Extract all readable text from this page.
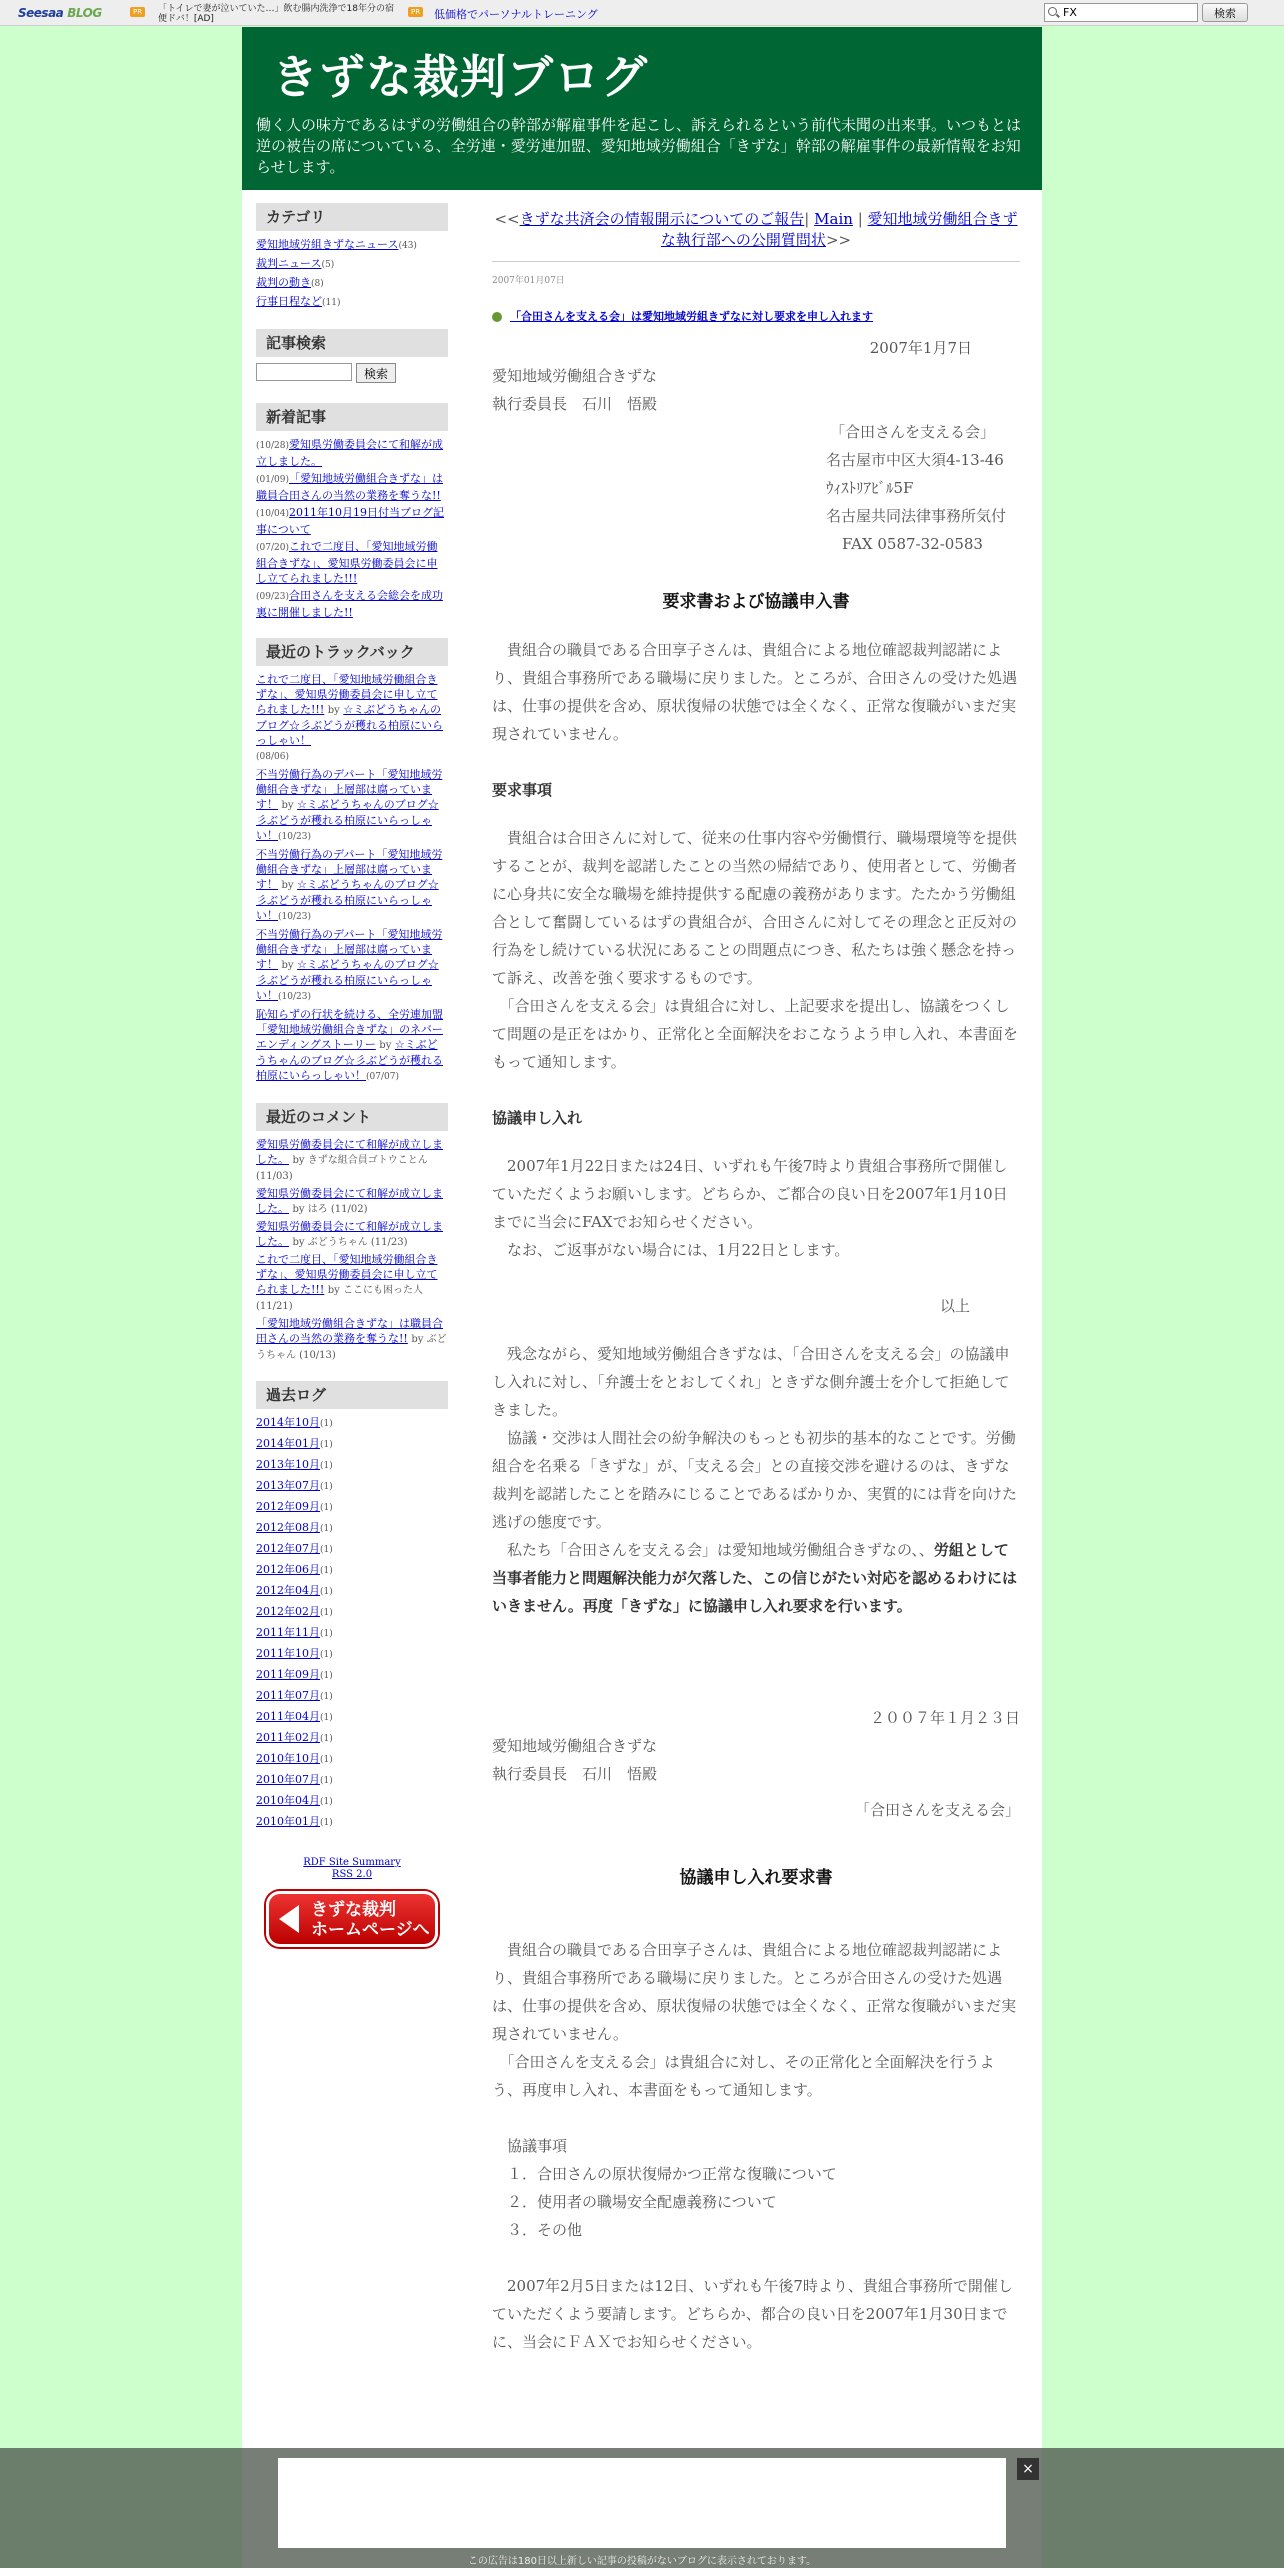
Seesaa BLOG	PR	「トイレで妻が泣いていた…」飲む腸内洗浄で18年分の宿便ドバ！[AD]
PR 低価格でパーソナルトレーニング
FX	検索
きずな裁判ブログ
働く人の味方であるはずの労働組合の幹部が解雇事件を起こし、訴えられるという前代未聞の出来事。いつもとは逆の被告の席についている、全労連・愛労連加盟、愛知地域労働組合「きずな」幹部の解雇事件の最新情報をお知らせします。
カテゴリ
愛知地域労組きずなニュース(43)
裁判ニュース(5)
裁判の動き(8)
行事日程など(11)
記事検索
検索
新着記事
(10/28)愛知県労働委員会にて和解が成立しました。
(01/09)「愛知地域労働組合きずな」は職員合田さんの当然の業務を奪うな!!
(10/04)2011年10月19日付当ブログ記事について
(07/20)これで二度目、「愛知地域労働組合きずな」、愛知県労働委員会に申し立てられました!!!
(09/23)合田さんを支える会総会を成功裏に開催しました!!
最近のトラックバック
これで二度目、「愛知地域労働組合きずな」、愛知県労働委員会に申し立てられました!!! by ☆ミぶどうちゃんのブログ☆彡ぶどうが穫れる柏原にいらっしゃい！
(08/06)
不当労働行為のデパート「愛知地域労働組合きずな」上層部は腐っています！ by ☆ミぶどうちゃんのブログ☆彡ぶどうが穫れる柏原にいらっしゃい！(10/23)
不当労働行為のデパート「愛知地域労働組合きずな」上層部は腐っています！ by ☆ミぶどうちゃんのブログ☆彡ぶどうが穫れる柏原にいらっしゃい！(10/23)
不当労働行為のデパート「愛知地域労働組合きずな」上層部は腐っています！ by ☆ミぶどうちゃんのブログ☆彡ぶどうが穫れる柏原にいらっしゃい！(10/23)
恥知らずの行状を続ける、全労連加盟「愛知地域労働組合きずな」のネバーエンディングストーリー by ☆ミぶどうちゃんのブログ☆彡ぶどうが穫れる柏原にいらっしゃい！(07/07)
最近のコメント
愛知県労働委員会にて和解が成立しました。 by きずな組合員ゴトウことん (11/03)
愛知県労働委員会にて和解が成立しました。 by はろ (11/02)
愛知県労働委員会にて和解が成立しました。 by ぶどうちゃん (11/23)
これで二度目、「愛知地域労働組合きずな」、愛知県労働委員会に申し立てられました!!! by ここにも困った人 (11/21)
「愛知地域労働組合きずな」は職員合田さんの当然の業務を奪うな!! by ぶどうちゃん (10/13)
過去ログ
2014年10月(1)
2014年01月(1)
2013年10月(1)
2013年07月(1)
2012年09月(1)
2012年08月(1)
2012年07月(1)
2012年06月(1)
2012年04月(1)
2012年02月(1)
2011年11月(1)
2011年10月(1)
2011年09月(1)
2011年07月(1)
2011年04月(1)
2011年02月(1)
2010年10月(1)
2010年07月(1)
2010年04月(1)
2010年01月(1)
RDF Site Summary
RSS 2.0
きずな裁判
ホームページへ
<<きずな共済会の情報開示についてのご報告| Main | 愛知地域労働組合きずな執行部への公開質問状>>
2007年01月07日
「合田さんを支える会」は愛知地域労組きずなに対し要求を申し入れます

2007年1月7日

愛知地域労働組合きずな

執行委員長　石川　悟殿

「合田さんを支える会」

名古屋市中区大須4-13-46

ｳｨｽﾄﾘｱﾋﾞﾙ5F

名古屋共同法律事務所気付

FAX 0587-32-0583

要求書および協議申入書

　貴組合の職員である合田享子さんは、貴組合による地位確認裁判認諾により、貴組合事務所である職場に戻りました。ところが、合田さんの受けた処遇は、仕事の提供を含め、原状復帰の状態では全くなく、正常な復職がいまだ実現されていません。

要求事項

　貴組合は合田さんに対して、従来の仕事内容や労働慣行、職場環境等を提供することが、裁判を認諾したことの当然の帰結であり、使用者として、労働者に心身共に安全な職場を維持提供する配慮の義務があります。たたかう労働組合として奮闘しているはずの貴組合が、合田さんに対してその理念と正反対の行為をし続けている状況にあることの問題点につき、私たちは強く懸念を持って訴え、改善を強く要求するものです。

　「合田さんを支える会」は貴組合に対し、上記要求を提出し、協議をつくして問題の是正をはかり、正常化と全面解決をおこなうよう申し入れ、本書面をもって通知します。

協議申し入れ

　2007年1月22日または24日、いずれも午後7時より貴組合事務所で開催していただくようお願いします。どちらか、ご都合の良い日を2007年1月10日までに当会にFAXでお知らせください。

　なお、ご返事がない場合には、1月22日とします。

以上

　残念ながら、愛知地域労働組合きずなは、「合田さんを支える会」の協議申し入れに対し、「弁護士をとおしてくれ」ときずな側弁護士を介して拒絶してきました。

　協議・交渉は人間社会の紛争解決のもっとも初歩的基本的なことです。労働組合を名乗る「きずな」が、「支える会」との直接交渉を避けるのは、きずな裁判を認諾したことを踏みにじることであるばかりか、実質的には背を向けた逃げの態度です。

　私たち「合田さんを支える会」は愛知地域労働組合きずなの、、労組として当事者能力と問題解決能力が欠落した、この信じがたい対応を認めるわけにはいきません。再度「きずな」に協議申し入れ要求を行います。

２００７年１月２３日

愛知地域労働組合きずな

執行委員長　石川　悟殿

「合田さんを支える会」

協議申し入れ要求書

　貴組合の職員である合田享子さんは、貴組合による地位確認裁判認諾により、貴組合事務所である職場に戻りました。ところが合田さんの受けた処遇は、仕事の提供を含め、原状復帰の状態では全くなく、正常な復職がいまだ実現されていません。

　「合田さんを支える会」は貴組合に対し、その正常化と全面解決を行うよう、再度申し入れ、本書面をもって通知します。

　協議事項

　１．合田さんの原状復帰かつ正常な復職について

　２．使用者の職場安全配慮義務について

　３．その他

　2007年2月5日または12日、いずれも午後7時より、貴組合事務所で開催していただくよう要請します。どちらか、都合の良い日を2007年1月30日までに、当会にＦＡＸでお知らせください。

×
この広告は180日以上新しい記事の投稿がないブログに表示されております。
